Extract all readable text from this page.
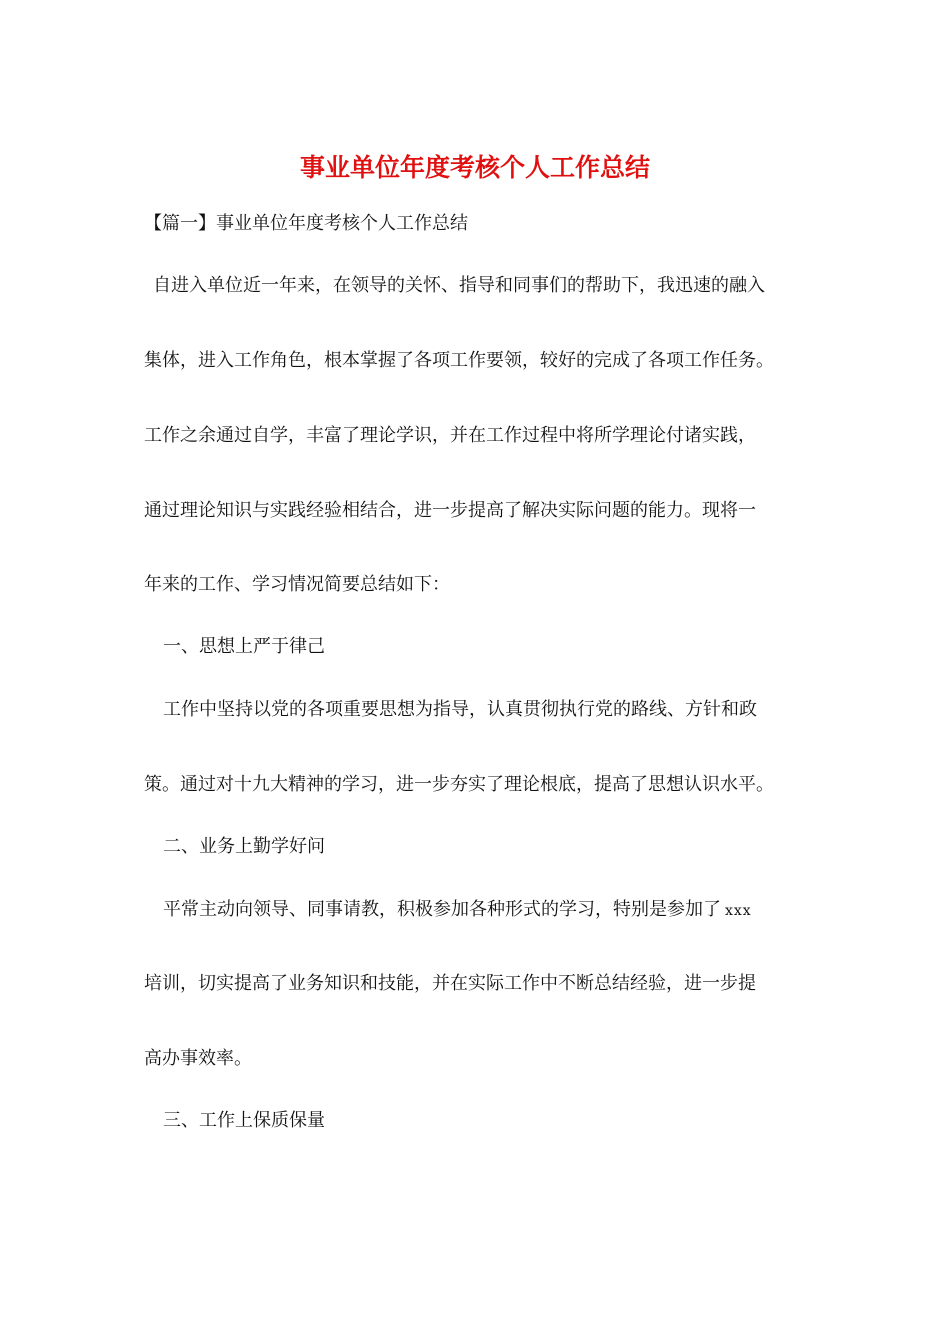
事业单位年度考核个人工作总结
【篇一】事业单位年度考核个人工作总结
自进入单位近一年来，在领导的关怀、指导和同事们的帮助下，我迅速的融入
集体，进入工作角色，根本掌握了各项工作要领，较好的完成了各项工作任务。
工作之余通过自学，丰富了理论学识，并在工作过程中将所学理论付诸实践，
通过理论知识与实践经验相结合，进一步提高了解决实际问题的能力。现将一
年来的工作、学习情况简要总结如下：
一、思想上严于律己
工作中坚持以党的各项重要思想为指导，认真贯彻执行党的路线、方针和政
策。通过对十九大精神的学习，进一步夯实了理论根底，提高了思想认识水平。
二、业务上勤学好问
平常主动向领导、同事请教，积极参加各种形式的学习，特别是参加了 xxx
培训，切实提高了业务知识和技能，并在实际工作中不断总结经验，进一步提
高办事效率。
三、工作上保质保量
